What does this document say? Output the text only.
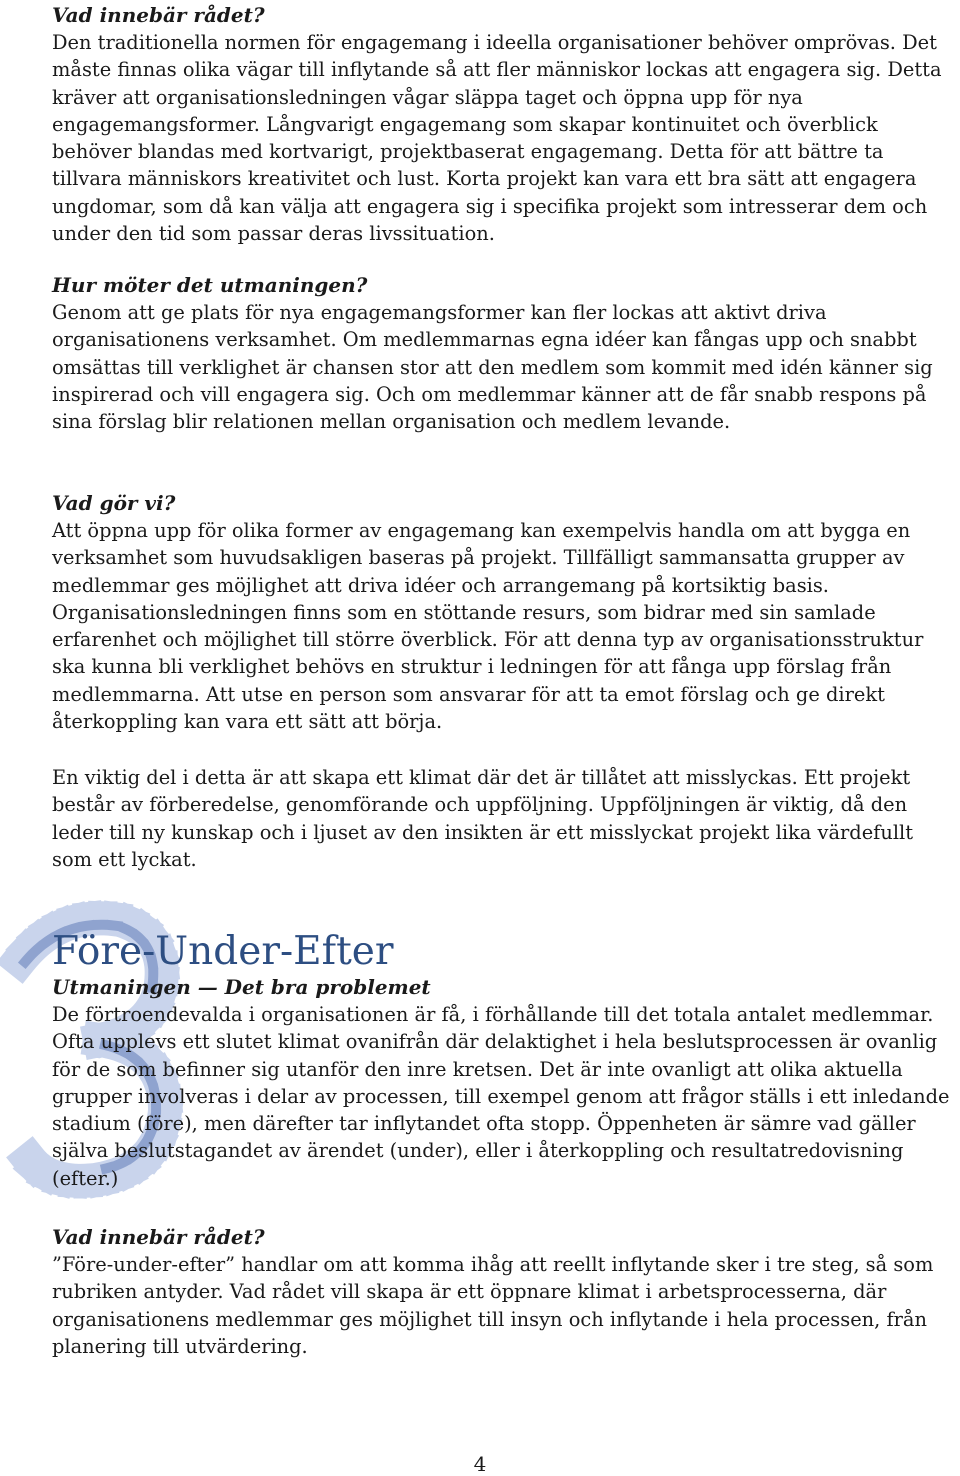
3

Vad innebär rådet?

Den traditionella normen för engagemang i ideella organisationer behöver omprövas. Det måste finnas olika vägar till inflytande så att fler människor lockas att engagera sig. Detta kräver att organisationsledningen vågar släppa taget och öppna upp för nya engagemangsformer. Långvarigt engagemang som skapar kontinuitet och överblick behöver blandas med kortvarigt, projektbaserat engagemang. Detta för att bättre ta tillvara människors kreativitet och lust. Korta projekt kan vara ett bra sätt att engagera ungdomar, som då kan välja att engagera sig i specifika projekt som intresserar dem och under den tid som passar deras livssituation.

Hur möter det utmaningen?

Genom att ge plats för nya engagemangsformer kan fler lockas att aktivt driva organisationens verksamhet. Om medlemmarnas egna idéer kan fångas upp och snabbt omsättas till verklighet är chansen stor att den medlem som kommit med idén känner sig inspirerad och vill engagera sig. Och om medlemmar känner att de får snabb respons på sina förslag blir relationen mellan organisation och medlem levande.

Vad gör vi?

Att öppna upp för olika former av engagemang kan exempelvis handla om att bygga en verksamhet som huvudsakligen baseras på projekt. Tillfälligt sammansatta grupper av medlemmar ges möjlighet att driva idéer och arrangemang på kortsiktig basis. Organisationsledningen finns som en stöttande resurs, som bidrar med sin samlade erfarenhet och möjlighet till större överblick. För att denna typ av organisationsstruktur ska kunna bli verklighet behövs en struktur i ledningen för att fånga upp förslag från medlemmarna. Att utse en person som ansvarar för att ta emot förslag och ge direkt återkoppling kan vara ett sätt att börja.

En viktig del i detta är att skapa ett klimat där det är tillåtet att misslyckas. Ett projekt består av förberedelse, genomförande och uppföljning. Uppföljningen är viktig, då den leder till ny kunskap och i ljuset av den insikten är ett misslyckat projekt lika värdefullt som ett lyckat.

Före-Under-Efter

Utmaningen — Det bra problemet

De förtroendevalda i organisationen är få, i förhållande till det totala antalet medlemmar. Ofta upplevs ett slutet klimat ovanifrån där delaktighet i hela beslutsprocessen är ovanlig för de som befinner sig utanför den inre kretsen. Det är inte ovanligt att olika aktuella grupper involveras i delar av processen, till exempel genom att frågor ställs i ett inledande stadium (före), men därefter tar inflytandet ofta stopp. Öppenheten är sämre vad gäller själva beslutstagandet av ärendet (under), eller i återkoppling och resultatredovisning (efter.)

Vad innebär rådet?

”Före-under-efter” handlar om att komma ihåg att reellt inflytande sker i tre steg, så som rubriken antyder. Vad rådet vill skapa är ett öppnare klimat i arbetsprocesserna, där organisationens medlemmar ges möjlighet till insyn och inflytande i hela processen, från planering till utvärdering.

4
